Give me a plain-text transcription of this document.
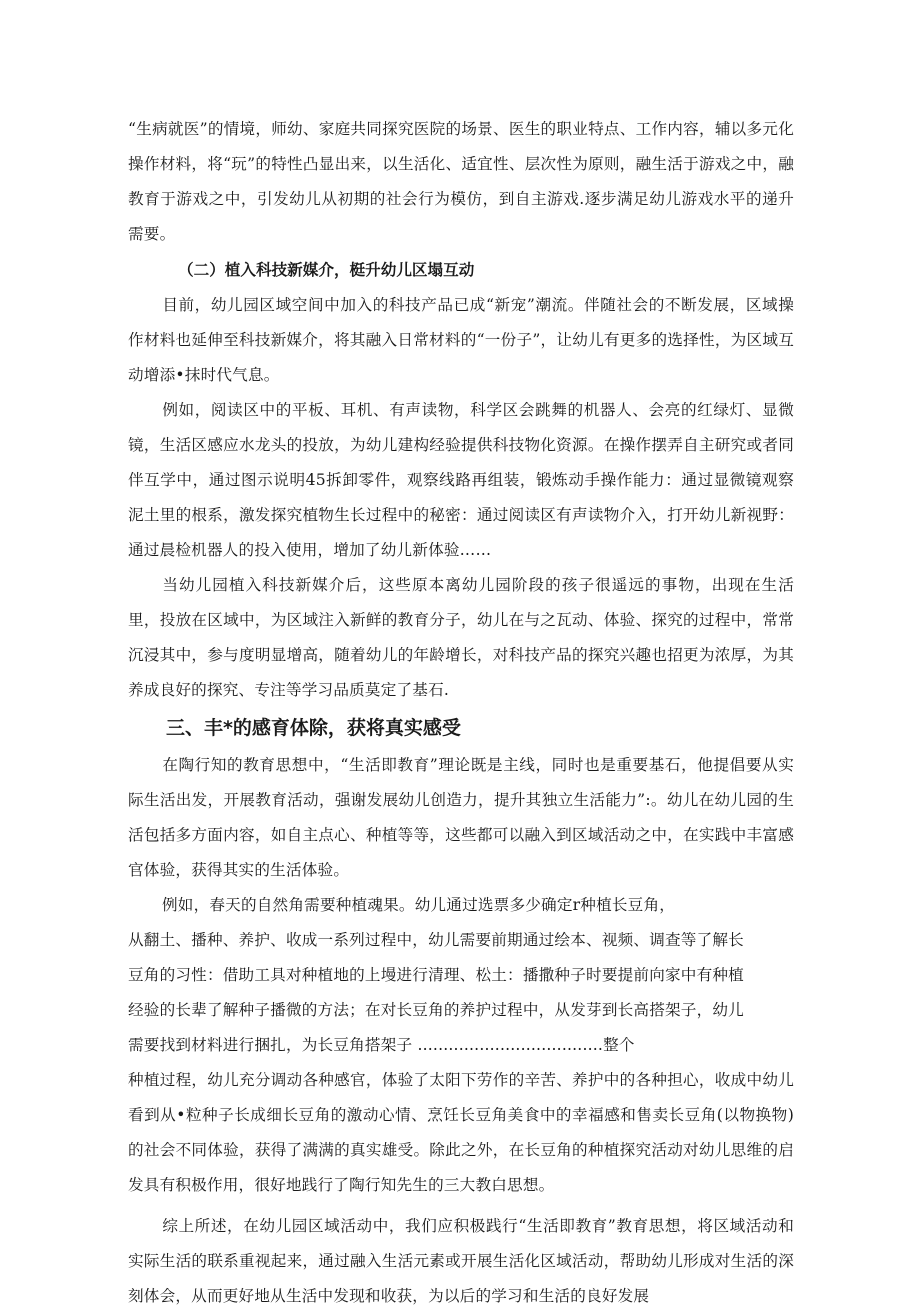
“生病就医”的情境，师幼、家庭共同探究医院的场景、医生的职业特点、工作内容，辅以多元化操作材料，将“玩”的特性凸显出来，以生活化、适宜性、层次性为原则，融生活于游戏之中，融教育于游戏之中，引发幼儿从初期的社会行为模仿，到自主游戏.逐步满足幼儿游戏水平的递升需要。

（二）植入科技新媒介，梃升幼儿区塌互动

目前，幼儿园区域空间中加入的科技产品已成“新宠”潮流。伴随社会的不断发展，区域操作材料也延伸至科技新媒介，将其融入日常材料的“一份子”，让幼儿有更多的选择性，为区域互动增添•抹时代气息。

例如，阅读区中的平板、耳机、有声读物，科学区会跳舞的机器人、会亮的红绿灯、显微镜，生活区感应水龙头的投放，为幼儿建构经验提供科技物化资源。在操作摆弄自主研究或者同伴互学中，通过图示说明45拆卸零件，观察线路再组装，锻炼动手操作能力：通过显微镜观察泥土里的根系，激发探究植物生长过程中的秘密：通过阅读区有声读物介入，打开幼儿新视野：通过晨检机器人的投入使用，增加了幼儿新体验……

当幼儿园植入科技新媒介后，这些原本离幼儿园阶段的孩子很遥远的事物，出现在生活里，投放在区域中，为区域注入新鲜的教育分子，幼儿在与之瓦动、体验、探究的过程中，常常沉浸其中，参与度明显增高，随着幼儿的年龄增长，对科技产品的探究兴趣也招更为浓厚，为其养成良好的探究、专注等学习品质莫定了基石.

三、丰*的感育体除，获将真实感受

在陶行知的教育思想中，“生活即教育”理论既是主线，同时也是重要基石，他提倡要从实际生活出发，开展教育活动，强谢发展幼儿创造力，提升其独立生活能力”:。幼儿在幼儿园的生活包括多方面内容，如自主点心、种植等等，这些都可以融入到区域活动之中，在实践中丰富感官体验，获得其实的生活体验。

例如，春天的自然角需要种植魂果。幼儿通过选票多少确定r种植长豆角，
从翻土、播种、养护、收成一系列过程中，幼儿需要前期通过绘本、视频、调查等了解长
豆角的习性：借助工具对种植地的上墁进行清理、松土：播撒种子时要提前向家中有种植
经验的长辈了解种子播微的方法；在对长豆角的养护过程中，从发芽到长高搭架子，幼儿
需要找到材料进行捆扎，为长豆角搭架子 ....................................整个
种植过程，幼儿充分调动各种感官，体验了太阳下劳作的辛苦、养护中的各种担心，收成中幼儿看到从•粒种子长成细长豆角的激动心情、烹饪长豆角美食中的幸福感和售卖长豆角(以物换物)的社会不同体验，获得了满满的真实雄受。除此之外，在长豆角的种植探究活动对幼儿思维的启发具有积极作用，很好地践行了陶行知先生的三大教白思想。

综上所述，在幼儿园区域活动中，我们应积极践行“生活即教育”教育思想，将区域活动和实际生活的联系重视起来，通过融入生活元素或开展生活化区域活动，帮助幼儿形成对生活的深刻体会，从而更好地从生活中发现和收获，为以后的学习和生活的良好发展
